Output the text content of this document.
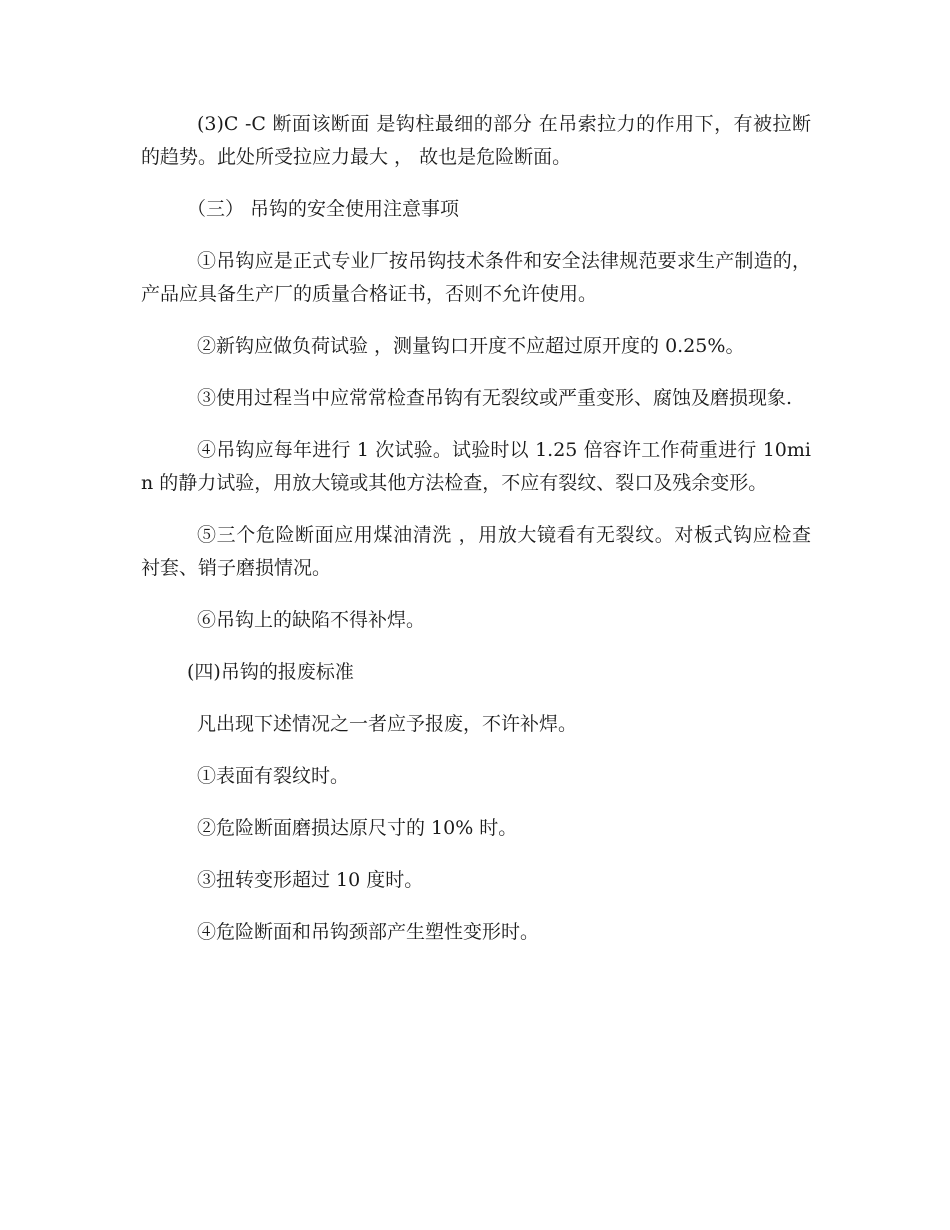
(3)C -C 断面该断面 是钩柱最细的部分 在吊索拉力的作用下，有被拉断的趋势。此处所受拉应力最大 ， 故也是危险断面。

（三） 吊钩的安全使用注意事项

①吊钩应是正式专业厂按吊钩技术条件和安全法律规范要求生产制造的，产品应具备生产厂的质量合格证书，否则不允许使用。

②新钩应做负荷试验 ，测量钩口开度不应超过原开度的 0.25%。

③使用过程当中应常常检查吊钩有无裂纹或严重变形、腐蚀及磨损现象.

④吊钩应每年进行 1 次试验。试验时以 1.25 倍容许工作荷重进行 10min 的静力试验，用放大镜或其他方法检查，不应有裂纹、裂口及残余变形。

⑤三个危险断面应用煤油清洗 ，用放大镜看有无裂纹。对板式钩应检查衬套、销子磨损情况。

⑥吊钩上的缺陷不得补焊。

(四)吊钩的报废标准

凡出现下述情况之一者应予报废，不许补焊。

①表面有裂纹时。

②危险断面磨损达原尺寸的 10% 时。

③扭转变形超过 10 度时。

④危险断面和吊钩颈部产生塑性变形时。
